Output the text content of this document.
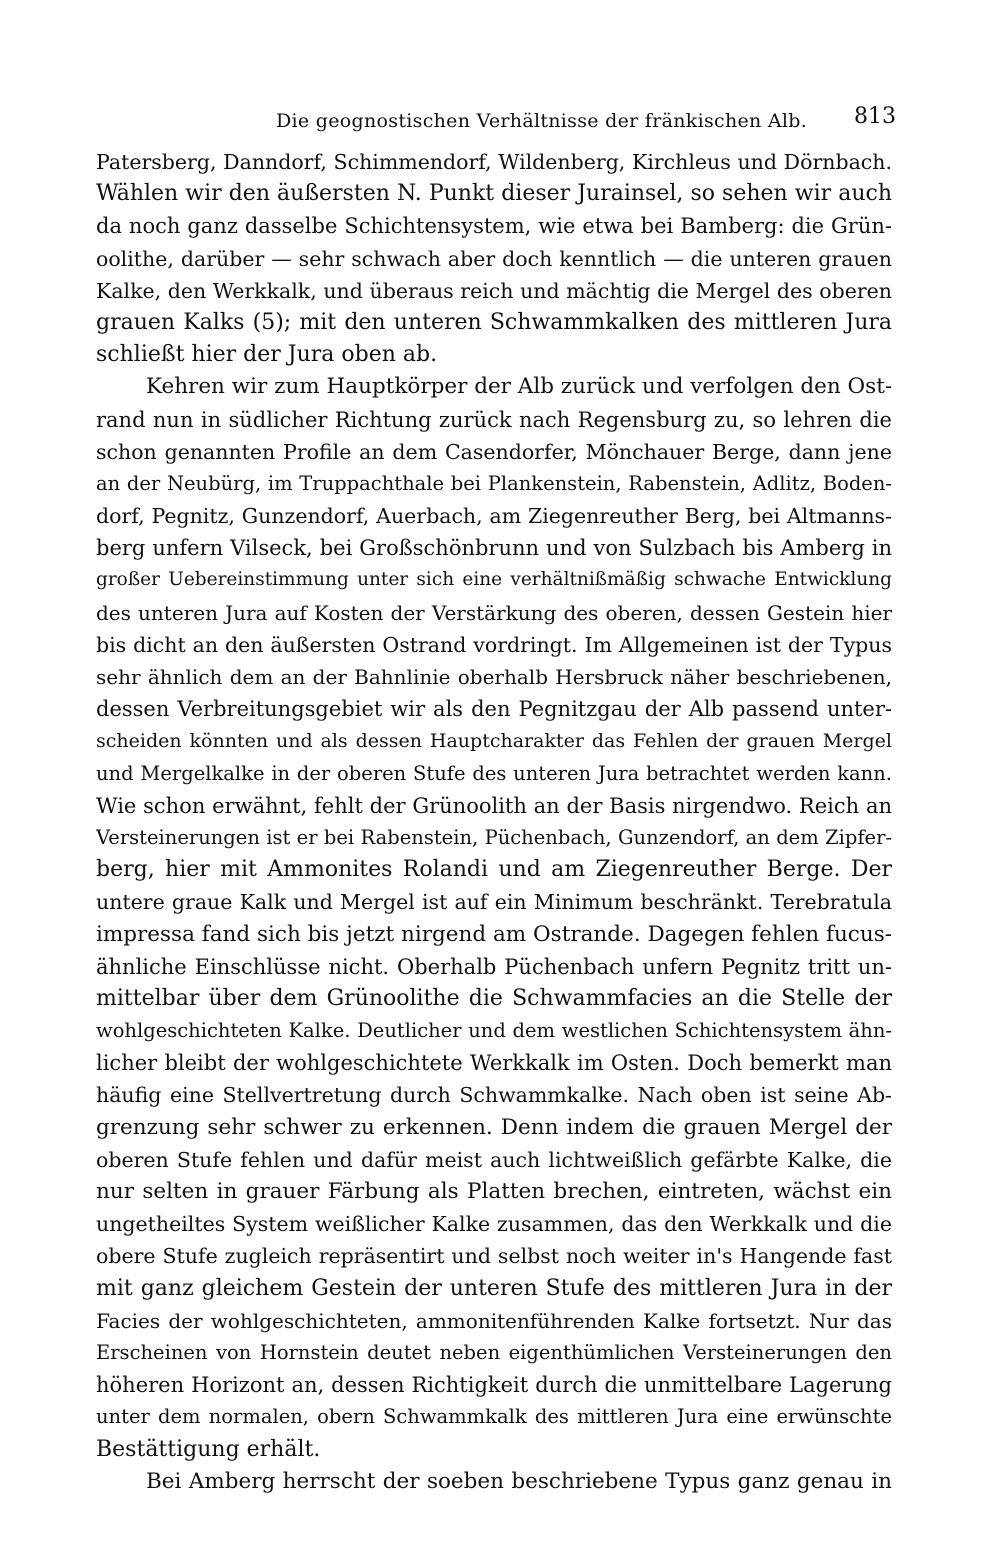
Die geognostischen Verhältnisse der fränkischen Alb. 813
Patersberg, Danndorf, Schimmendorf, Wildenberg, Kirchleus und Dörnbach.
Wählen wir den äußersten N. Punkt dieser Jurainsel, so sehen wir auch
da noch ganz dasselbe Schichtensystem, wie etwa bei Bamberg: die Grün-
oolithe, darüber — sehr schwach aber doch kenntlich — die unteren grauen
Kalke, den Werkkalk, und überaus reich und mächtig die Mergel des oberen
grauen Kalks (5); mit den unteren Schwammkalken des mittleren Jura
schließt hier der Jura oben ab.
Kehren wir zum Hauptkörper der Alb zurück und verfolgen den Ost-
rand nun in südlicher Richtung zurück nach Regensburg zu, so lehren die
schon genannten Profile an dem Casendorfer, Mönchauer Berge, dann jene
an der Neubürg, im Truppachthale bei Plankenstein, Rabenstein, Adlitz, Boden-
dorf, Pegnitz, Gunzendorf, Auerbach, am Ziegenreuther Berg, bei Altmanns-
berg unfern Vilseck, bei Großschönbrunn und von Sulzbach bis Amberg in
großer Uebereinstimmung unter sich eine verhältnißmäßig schwache Entwicklung
des unteren Jura auf Kosten der Verstärkung des oberen, dessen Gestein hier
bis dicht an den äußersten Ostrand vordringt. Im Allgemeinen ist der Typus
sehr ähnlich dem an der Bahnlinie oberhalb Hersbruck näher beschriebenen,
dessen Verbreitungsgebiet wir als den Pegnitzgau der Alb passend unter-
scheiden könnten und als dessen Hauptcharakter das Fehlen der grauen Mergel
und Mergelkalke in der oberen Stufe des unteren Jura betrachtet werden kann.
Wie schon erwähnt, fehlt der Grünoolith an der Basis nirgendwo. Reich an
Versteinerungen ist er bei Rabenstein, Püchenbach, Gunzendorf, an dem Zipfer-
berg, hier mit Ammonites Rolandi und am Ziegenreuther Berge. Der
untere graue Kalk und Mergel ist auf ein Minimum beschränkt. Terebratula
impressa fand sich bis jetzt nirgend am Ostrande. Dagegen fehlen fucus-
ähnliche Einschlüsse nicht. Oberhalb Püchenbach unfern Pegnitz tritt un-
mittelbar über dem Grünoolithe die Schwammfacies an die Stelle der
wohlgeschichteten Kalke. Deutlicher und dem westlichen Schichtensystem ähn-
licher bleibt der wohlgeschichtete Werkkalk im Osten. Doch bemerkt man
häufig eine Stellvertretung durch Schwammkalke. Nach oben ist seine Ab-
grenzung sehr schwer zu erkennen. Denn indem die grauen Mergel der
oberen Stufe fehlen und dafür meist auch lichtweißlich gefärbte Kalke, die
nur selten in grauer Färbung als Platten brechen, eintreten, wächst ein
ungetheiltes System weißlicher Kalke zusammen, das den Werkkalk und die
obere Stufe zugleich repräsentirt und selbst noch weiter in's Hangende fast
mit ganz gleichem Gestein der unteren Stufe des mittleren Jura in der
Facies der wohlgeschichteten, ammonitenführenden Kalke fortsetzt. Nur das
Erscheinen von Hornstein deutet neben eigenthümlichen Versteinerungen den
höheren Horizont an, dessen Richtigkeit durch die unmittelbare Lagerung
unter dem normalen, obern Schwammkalk des mittleren Jura eine erwünschte
Bestättigung erhält.
Bei Amberg herrscht der soeben beschriebene Typus ganz genau in
